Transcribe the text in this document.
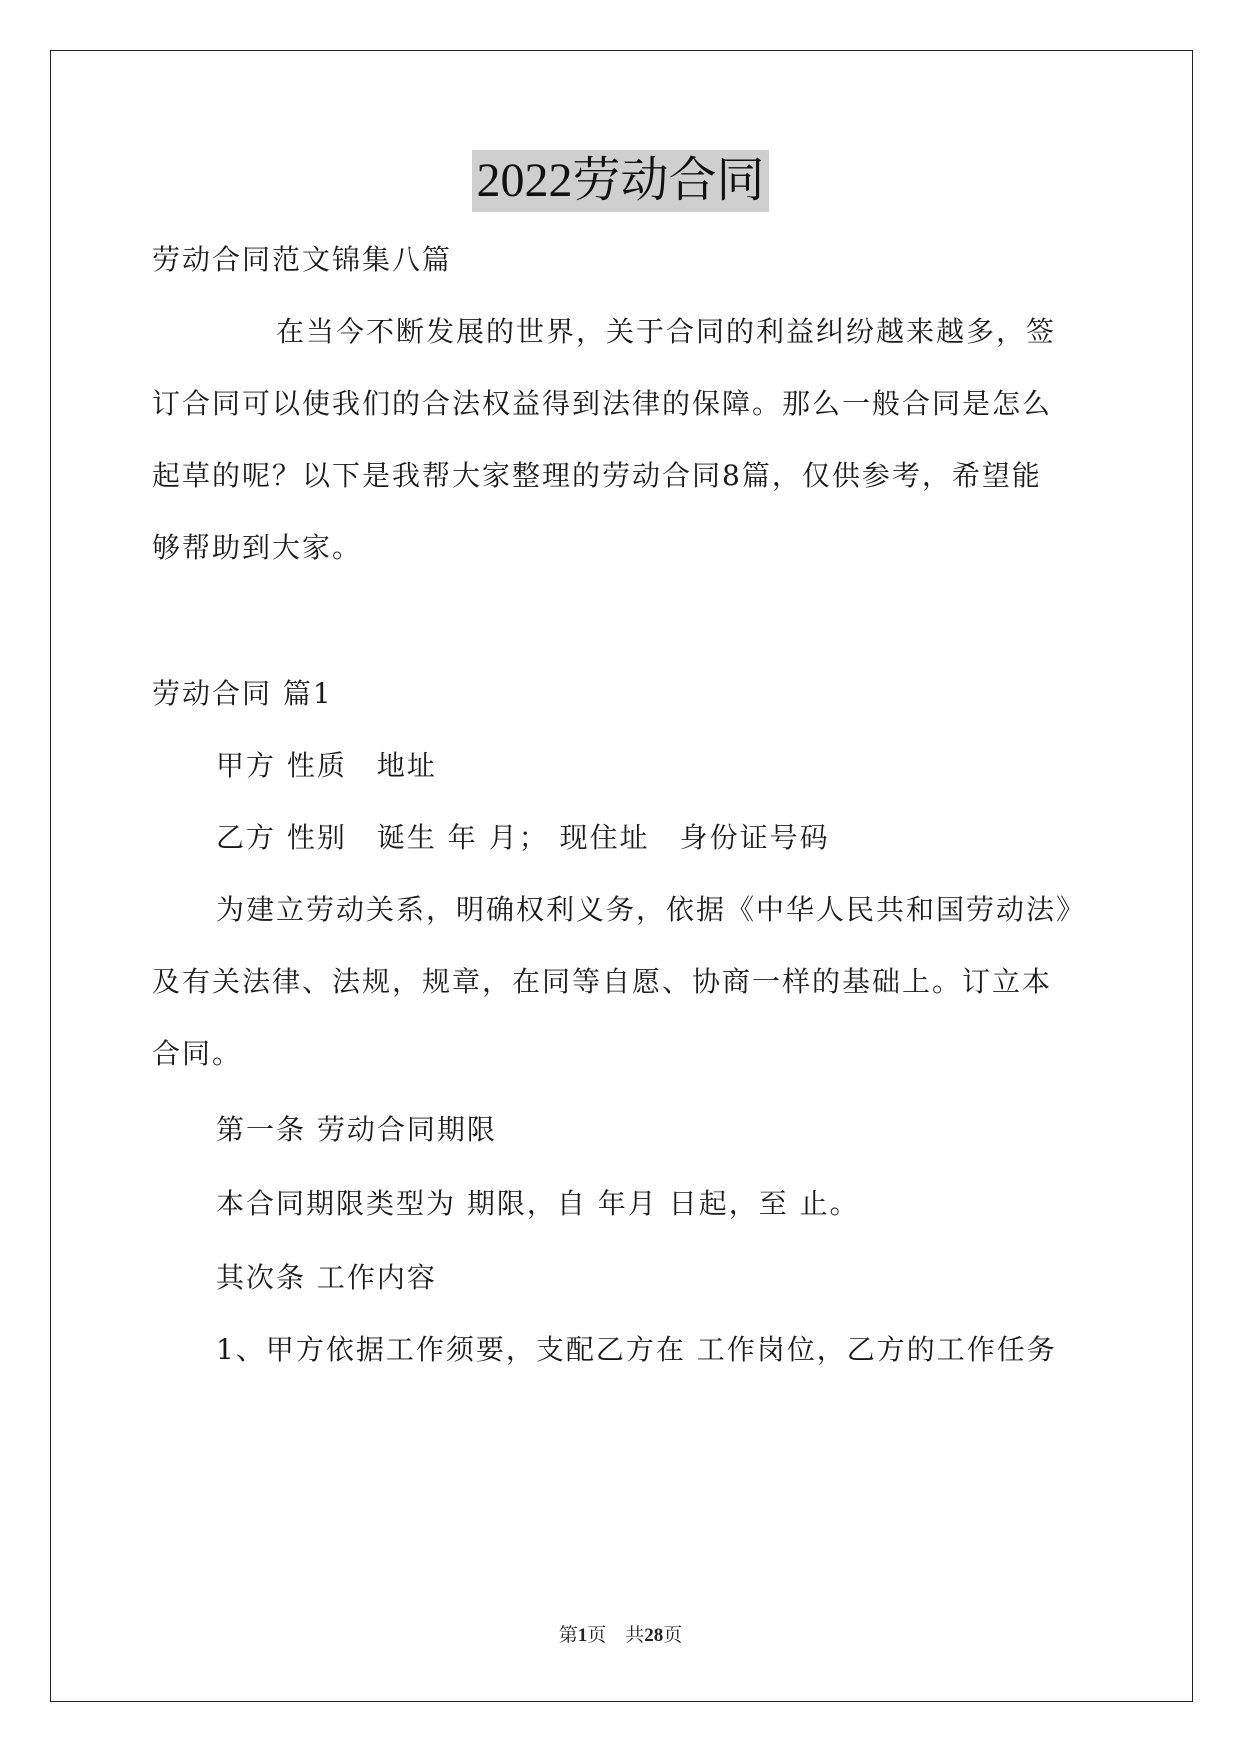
2022劳动合同
劳动合同范文锦集八篇
在当今不断发展的世界，关于合同的利益纠纷越来越多，签
订合同可以使我们的合法权益得到法律的保障。那么一般合同是怎么
起草的呢？以下是我帮大家整理的劳动合同8篇，仅供参考，希望能
够帮助到大家。
劳动合同 篇1
甲方 性质　地址
乙方 性别　诞生 年 月； 现住址　身份证号码
为建立劳动关系，明确权利义务，依据《中华人民共和国劳动法》
及有关法律、法规，规章，在同等自愿、协商一样的基础上。订立本
合同。
第一条 劳动合同期限
本合同期限类型为 期限，自 年月 日起，至 止。
其次条 工作内容
1、甲方依据工作须要，支配乙方在 工作岗位，乙方的工作任务
第1页　共28页
